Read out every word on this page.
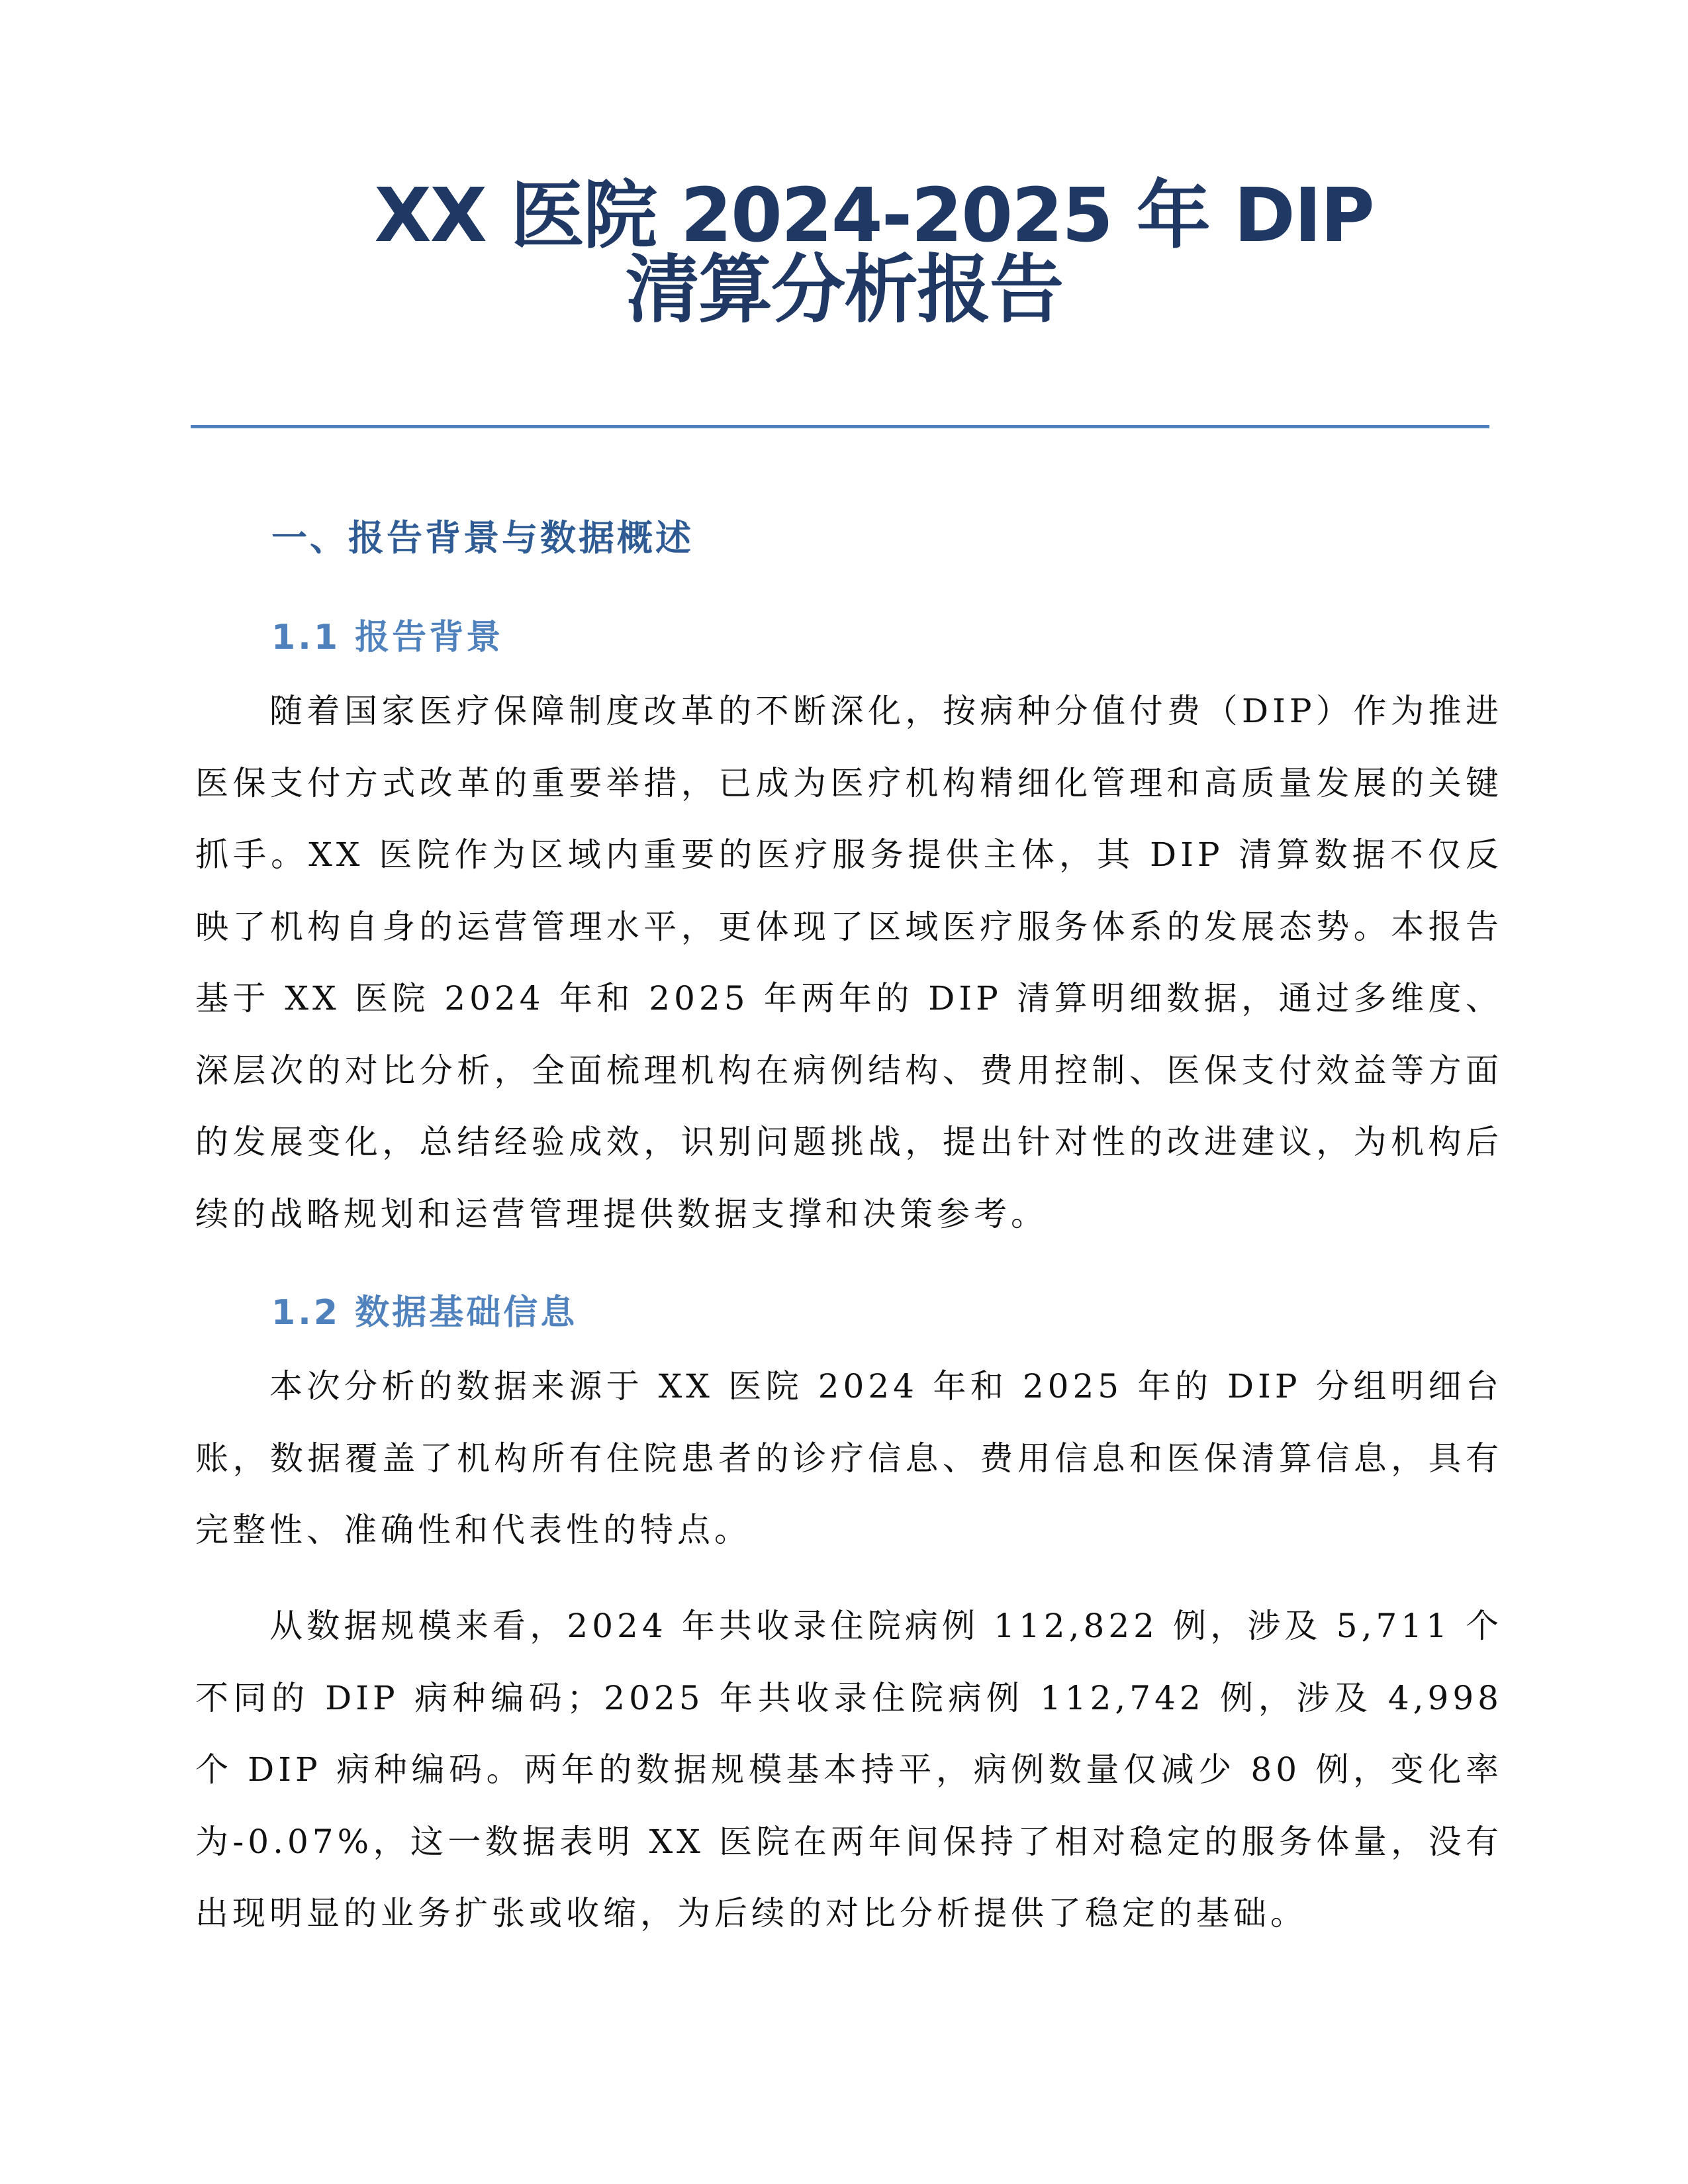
XX 医院 2024-2025 年 DIP
清算分析报告
一、报告背景与数据概述
1.1 报告背景

随着国家医疗保障制度改革的不断深化，按病种分值付费（DIP）作为推进医保支付方式改革的重要举措，已成为医疗机构精细化管理和高质量发展的关键抓手。XX 医院作为区域内重要的医疗服务提供主体，其 DIP 清算数据不仅反映了机构自身的运营管理水平，更体现了区域医疗服务体系的发展态势。本报告基于 XX 医院 2024 年和 2025 年两年的 DIP 清算明细数据，通过多维度、深层次的对比分析，全面梳理机构在病例结构、费用控制、医保支付效益等方面的发展变化，总结经验成效，识别问题挑战，提出针对性的改进建议，为机构后续的战略规划和运营管理提供数据支撑和决策参考。

1.2 数据基础信息

本次分析的数据来源于 XX 医院 2024 年和 2025 年的 DIP 分组明细台账，数据覆盖了机构所有住院患者的诊疗信息、费用信息和医保清算信息，具有完整性、准确性和代表性的特点。

从数据规模来看，2024 年共收录住院病例 112,822 例，涉及 5,711 个不同的 DIP 病种编码；2025 年共收录住院病例 112,742 例，涉及 4,998 个 DIP 病种编码。两年的数据规模基本持平，病例数量仅减少 80 例，变化率为-0.07%，这一数据表明 XX 医院在两年间保持了相对稳定的服务体量，没有出现明显的业务扩张或收缩，为后续的对比分析提供了稳定的基础。
